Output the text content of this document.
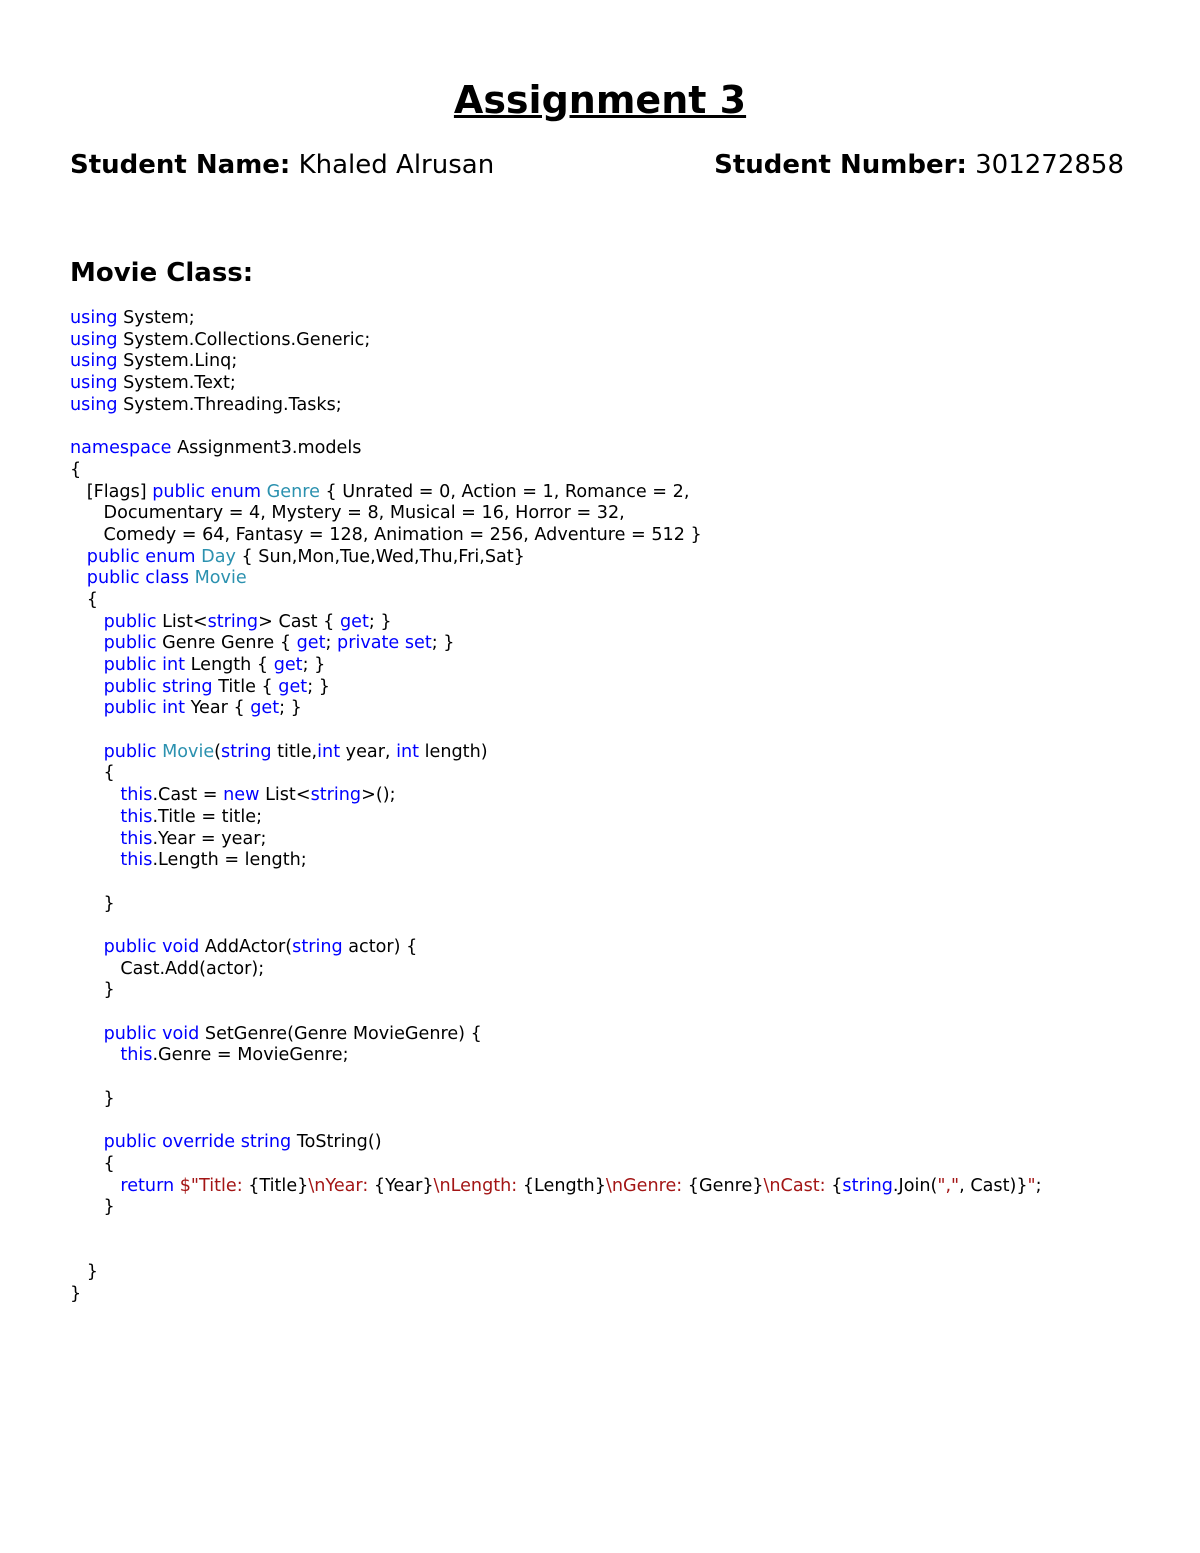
Assignment 3
Student Name: Khaled Alrusan	Student Number: 301272858
Movie Class:
using System;
using System.Collections.Generic;
using System.Linq;
using System.Text;
using System.Threading.Tasks;

namespace Assignment3.models
{
[Flags] public enum Genre { Unrated = 0, Action = 1, Romance = 2,
Documentary = 4, Mystery = 8, Musical = 16, Horror = 32,
Comedy = 64, Fantasy = 128, Animation = 256, Adventure = 512 }
public enum Day { Sun,Mon,Tue,Wed,Thu,Fri,Sat}
public class Movie
{
public List<string> Cast { get; }
public Genre Genre { get; private set; }
public int Length { get; }
public string Title { get; }
public int Year { get; }

public Movie(string title,int year, int length)
{
this.Cast = new List<string>();
this.Title = title;
this.Year = year;
this.Length = length;

}

public void AddActor(string actor) {
Cast.Add(actor);
}

public void SetGenre(Genre MovieGenre) {
this.Genre = MovieGenre;

}

public override string ToString()
{
return $"Title: {Title}\nYear: {Year}\nLength: {Length}\nGenre: {Genre}\nCast: {string.Join(",", Cast)}";
}

}
}
